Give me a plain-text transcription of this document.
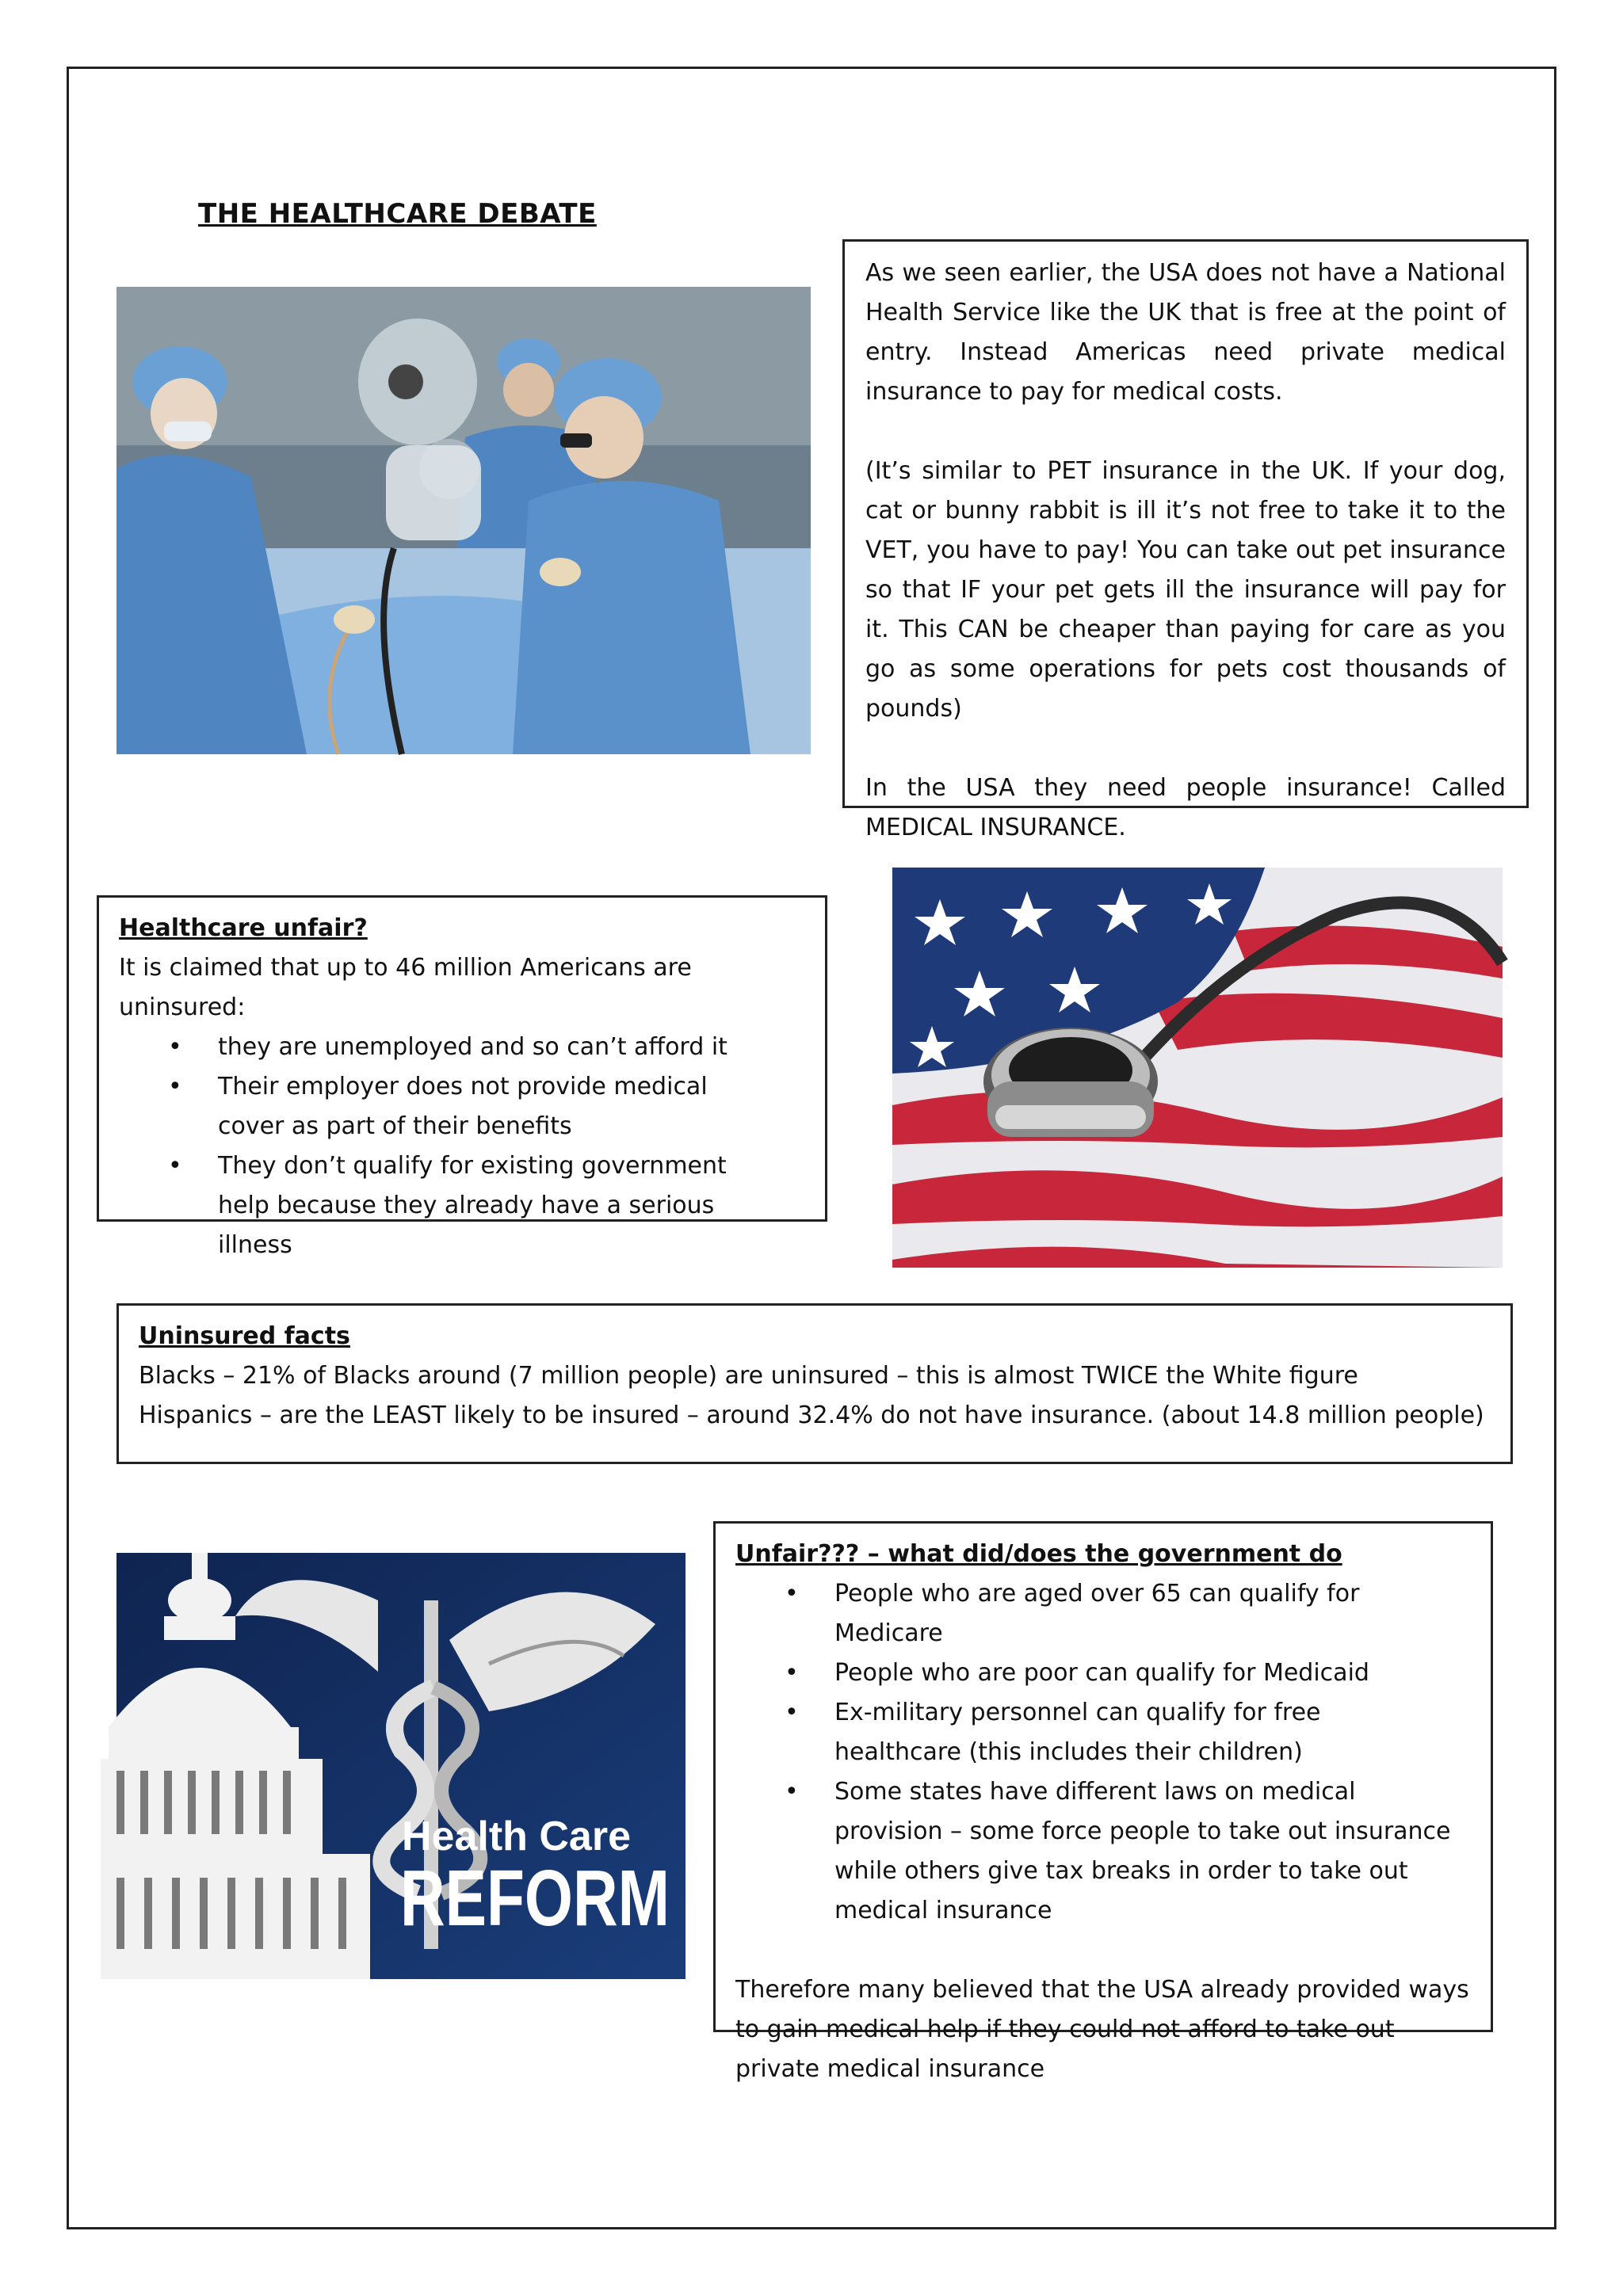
THE HEALTHCARE DEBATE

As we seen earlier, the USA does not have a National Health Service like the UK that is free at the point of entry. Instead Americas need private medical insurance to pay for medical costs.

(It’s similar to PET insurance in the UK. If your dog, cat or bunny rabbit is ill it’s not free to take it to the VET, you have to pay! You can take out pet insurance so that IF your pet gets ill the insurance will pay for it. This CAN be cheaper than paying for care as you go as some operations for pets cost thousands of pounds)

In the USA they need people insurance! Called MEDICAL INSURANCE.

Healthcare unfair?

It is claimed that up to 46 million Americans are uninsured:

• they are unemployed and so can’t afford it
• Their employer does not provide medical cover as part of their benefits
• They don’t qualify for existing government help because they already have a serious illness

Uninsured facts

Blacks – 21% of Blacks around (7 million people) are uninsured – this is almost TWICE the White figure

Hispanics – are the LEAST likely to be insured – around 32.4% do not have insurance. (about 14.8 million people)

Health Care
REFORM

Unfair??? – what did/does the government do

• People who are aged over 65 can qualify for Medicare
• People who are poor can qualify for Medicaid
• Ex-military personnel can qualify for free healthcare (this includes their children)
• Some states have different laws on medical provision – some force people to take out insurance while others give tax breaks in order to take out medical insurance

Therefore many believed that the USA already provided ways to gain medical help if they could not afford to take out private medical insurance
